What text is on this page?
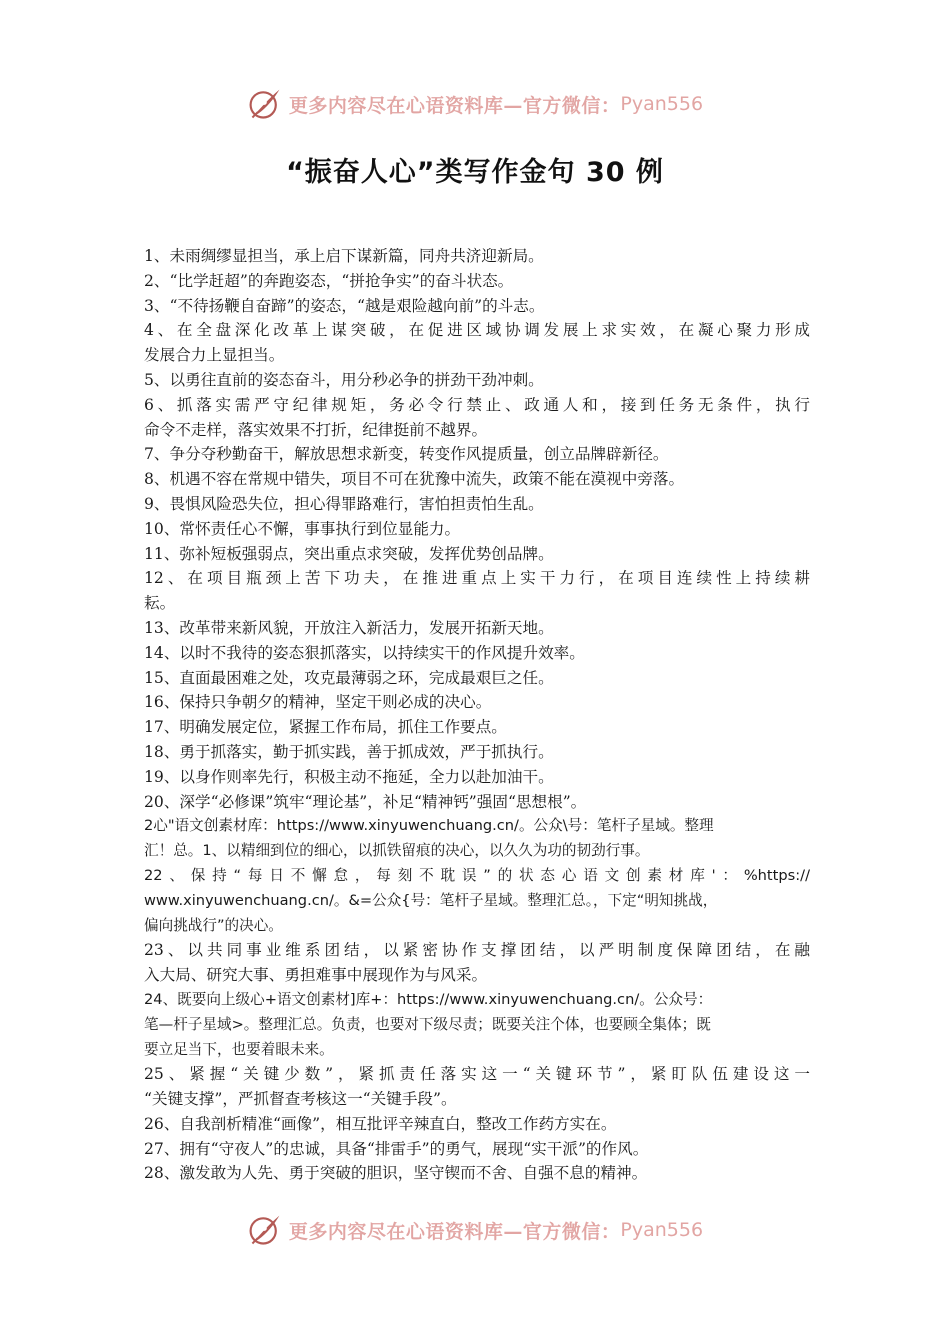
更多内容尽在心语资料库—官方微信： Pyan556
“振奋人心”类写作金句 30 例
1、未雨绸缪显担当，承上启下谋新篇，同舟共济迎新局。
2、“比学赶超”的奔跑姿态，“拼抢争实”的奋斗状态。
3、“不待扬鞭自奋蹄”的姿态，“越是艰险越向前”的斗志。
4、在全盘深化改革上谋突破，在促进区域协调发展上求实效，在凝心聚力形成
发展合力上显担当。
5、以勇往直前的姿态奋斗，用分秒必争的拼劲干劲冲刺。
6、抓落实需严守纪律规矩，务必令行禁止、政通人和，接到任务无条件，执行
命令不走样，落实效果不打折，纪律挺前不越界。
7、争分夺秒勤奋干，解放思想求新变，转变作风提质量，创立品牌辟新径。
8、机遇不容在常规中错失，项目不可在犹豫中流失，政策不能在漠视中旁落。
9、畏惧风险恐失位，担心得罪路难行，害怕担责怕生乱。
10、常怀责任心不懈，事事执行到位显能力。
11、弥补短板强弱点，突出重点求突破，发挥优势创品牌。
12、在项目瓶颈上苦下功夫，在推进重点上实干力行，在项目连续性上持续耕
耘。
13、改革带来新风貌，开放注入新活力，发展开拓新天地。
14、以时不我待的姿态狠抓落实，以持续实干的作风提升效率。
15、直面最困难之处，攻克最薄弱之环，完成最艰巨之任。
16、保持只争朝夕的精神，坚定干则必成的决心。
17、明确发展定位，紧握工作布局，抓住工作要点。
18、勇于抓落实，勤于抓实践，善于抓成效，严于抓执行。
19、以身作则率先行，积极主动不拖延，全力以赴加油干。
20、深学“必修课”筑牢“理论基”，补足“精神钙”强固“思想根”。
2心"语文创素材库：https://www.xinyuwenchuang.cn/。公众\号：笔杆子星域。整理
汇！总。1、以精细到位的细心，以抓铁留痕的决心，以久久为功的韧劲行事。
22、保持“每日不懈怠，每刻不耽误”的状态心语文创素材库'：%https://
www.xinyuwenchuang.cn/。&=公众{号：笔杆子星域。整理汇总。，下定“明知挑战，
偏向挑战行”的决心。
23、以共同事业维系团结，以紧密协作支撑团结，以严明制度保障团结，在融
入大局、研究大事、勇担难事中展现作为与风采。
24、既要向上级心+语文创素材]库+：https://www.xinyuwenchuang.cn/。公众号：
笔—杆子星域>。整理汇总。负责，也要对下级尽责；既要关注个体，也要顾全集体；既
要立足当下，也要着眼未来。
25、紧握“关键少数”，紧抓责任落实这一“关键环节”，紧盯队伍建设这一
“关键支撑”，严抓督查考核这一“关键手段”。
26、自我剖析精准“画像”，相互批评辛辣直白，整改工作药方实在。
27、拥有“守夜人”的忠诚，具备“排雷手”的勇气，展现“实干派”的作风。
28、激发敢为人先、勇于突破的胆识，坚守锲而不舍、自强不息的精神。
更多内容尽在心语资料库—官方微信： Pyan556
